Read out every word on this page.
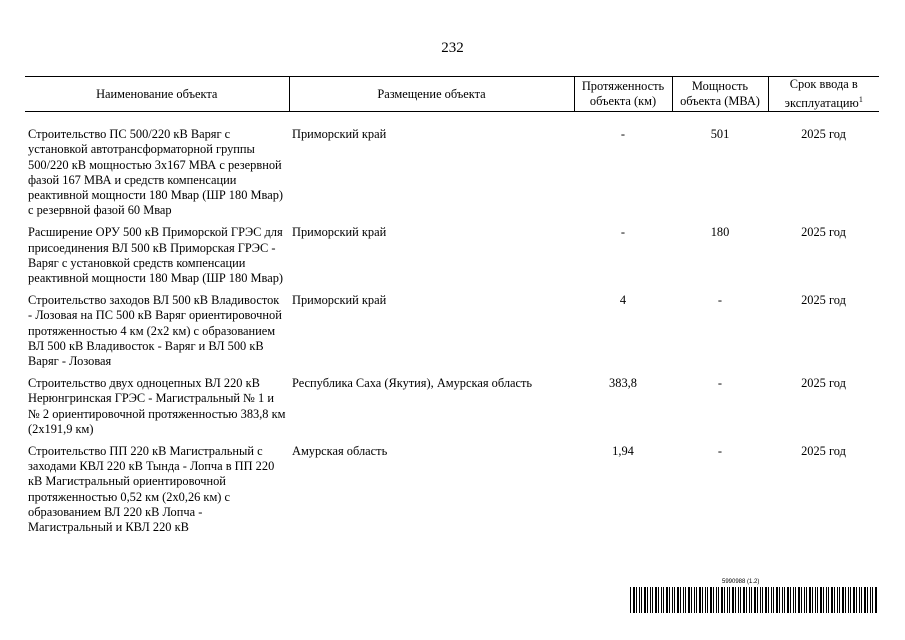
232
Наименование объекта	Размещение объекта	Протяженность объекта (км)	Мощность объекта (МВА)	Срок ввода в эксплуатацию$^1$

Строительство ПС 500/220 кВ Варяг с установкой автотрансформаторной группы 500/220 кВ мощностью 3х167 МВА с резервной фазой 167 МВА и средств компенсации реактивной мощности 180 Мвар (ШР 180 Мвар) с резервной фазой 60 Мвар	Приморский край	-	501	2025 год
Расширение ОРУ 500 кВ Приморской ГРЭС для присоединения ВЛ 500 кВ Приморская ГРЭС - Варяг с установкой средств компенсации реактивной мощности 180 Мвар (ШР 180 Мвар)	Приморский край	-	180	2025 год
Строительство заходов ВЛ 500 кВ Владивосток - Лозовая на ПС 500 кВ Варяг ориентировочной протяженностью 4 км (2х2 км) с образованием ВЛ 500 кВ Владивосток - Варяг и ВЛ 500 кВ Варяг - Лозовая	Приморский край	4	-	2025 год
Строительство двух одноцепных ВЛ 220 кВ Нерюнгринская ГРЭС - Магистральный № 1 и № 2 ориентировочной протяженностью 383,8 км (2х191,9 км)	Республика Саха (Якутия), Амурская область	383,8	-	2025 год
Строительство ПП 220 кВ Магистральный с заходами КВЛ 220 кВ Тында - Лопча в ПП 220 кВ Магистральный ориентировочной протяженностью 0,52 км (2х0,26 км) с образованием ВЛ 220 кВ Лопча - Магистральный и КВЛ 220 кВ	Амурская область	1,94	-	2025 год
5990988 (1.2)
